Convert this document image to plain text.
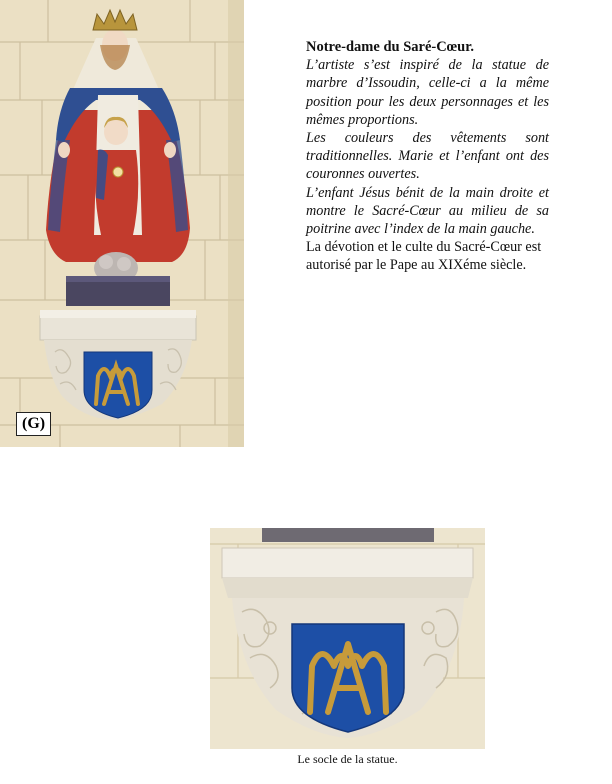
(G)

Notre-dame du Saré-Cœur.

L’artiste s’est inspiré de la statue de marbre d’Issoudin, celle-ci a la même position pour les deux personnages et les mêmes proportions.

Les couleurs des vêtements sont traditionnelles. Marie et l’enfant ont des couronnes ouvertes.

L’enfant Jésus bénit de la main droite et montre le Sacré-Cœur au milieu de sa poitrine avec l’index de la main gauche.

La dévotion et le culte du Sacré-Cœur est autorisé par le Pape au XIXéme siècle.

Le socle de la statue.
